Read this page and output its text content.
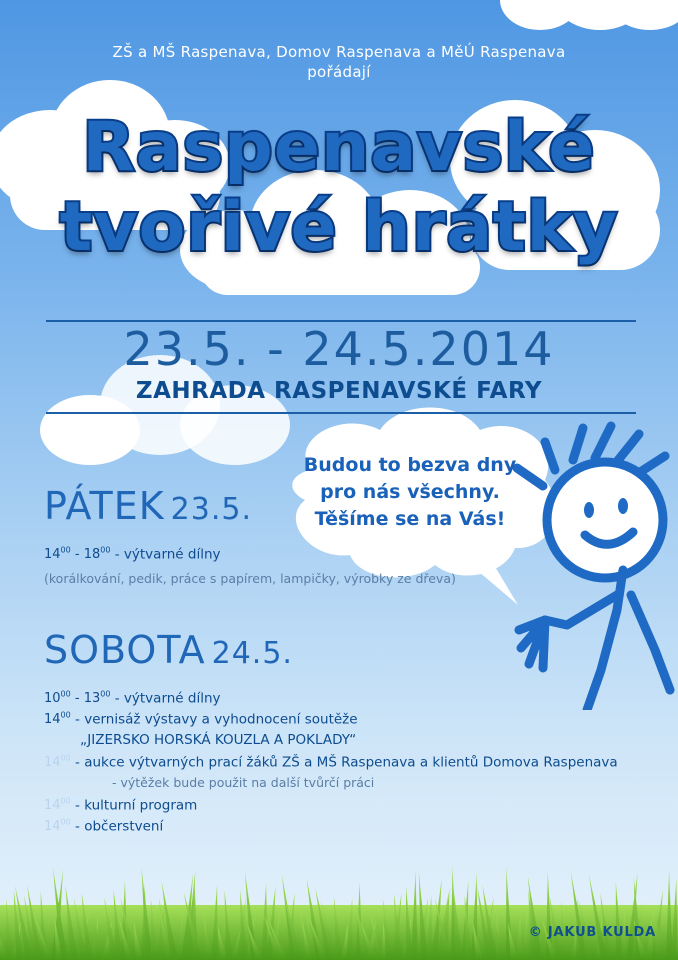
ZŠ a MŠ Raspenava, Domov Raspenava a MěÚ Raspenava
pořádají
Raspenavské
tvořivé hrátky
23.5. - 24.5.2014
ZAHRADA RASPENAVSKÉ FARY
Budou to bezva dny
pro nás všechny.
Těšíme se na Vás!
PÁTEK 23.5.
$14^{00} - 18^{00}$ - výtvarné dílny
(korálkování, pedik, práce s papírem, lampičky, výrobky ze dřeva)
SOBOTA 24.5.
$10^{00} - 13^{00}$ - výtvarné dílny
$14^{00}$ - vernisáž výstavy a vyhodnocení soutěže
„JIZERSKO HORSKÁ KOUZLA A POKLADY“
$14^{00}$ - aukce výtvarných prací žáků ZŠ a MŠ Raspenava a klientů Domova Raspenava
- výtěžek bude použit na další tvůrčí práci
$14^{00}$ - kulturní program
$14^{00}$ - občerstvení
© JAKUB KULDA
